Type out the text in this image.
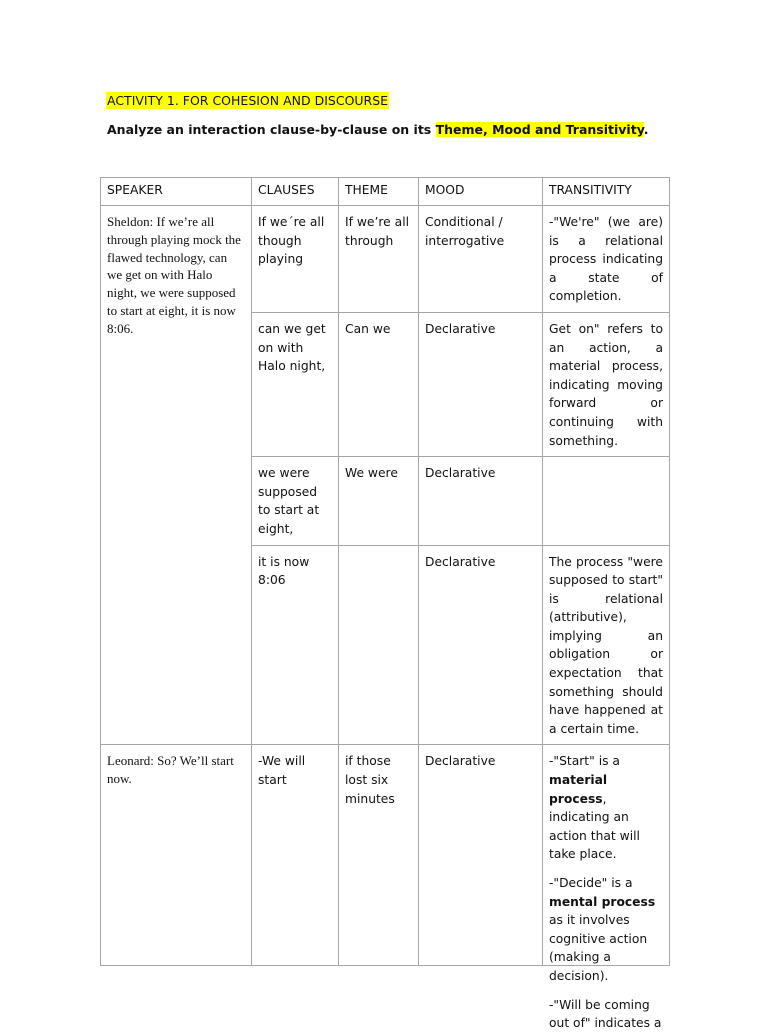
ACTIVITY 1. FOR COHESION AND DISCOURSE
Analyze an interaction clause-by-clause on its Theme, Mood and Transitivity.
SPEAKER	CLAUSES	THEME	MOOD	TRANSITIVITY
Sheldon: If we’re all through playing mock the flawed technology, can we get on with Halo night, we were supposed to start at eight, it is now 8:06.	If we´re all though playing	If we’re all through	Conditional / interrogative	-"We're" (we are) is a relational process indicating a state of completion.
	can we get on with Halo night,	Can we	Declarative	Get on" refers to an action, a material process, indicating moving forward or continuing with something.
	we were supposed to start at eight,	We were	Declarative	
	it is now 8:06		Declarative	The process "were supposed to start" is relational (attributive), implying an obligation or expectation that something should have happened at a certain time.
Leonard: So? We’ll start now.	-We will start	if those lost six minutes	Declarative	-"Start" is a material process, indicating an action that will take place.

-"Decide" is a mental process as it involves cognitive action (making a decision).

-"Will be coming out of" indicates a
